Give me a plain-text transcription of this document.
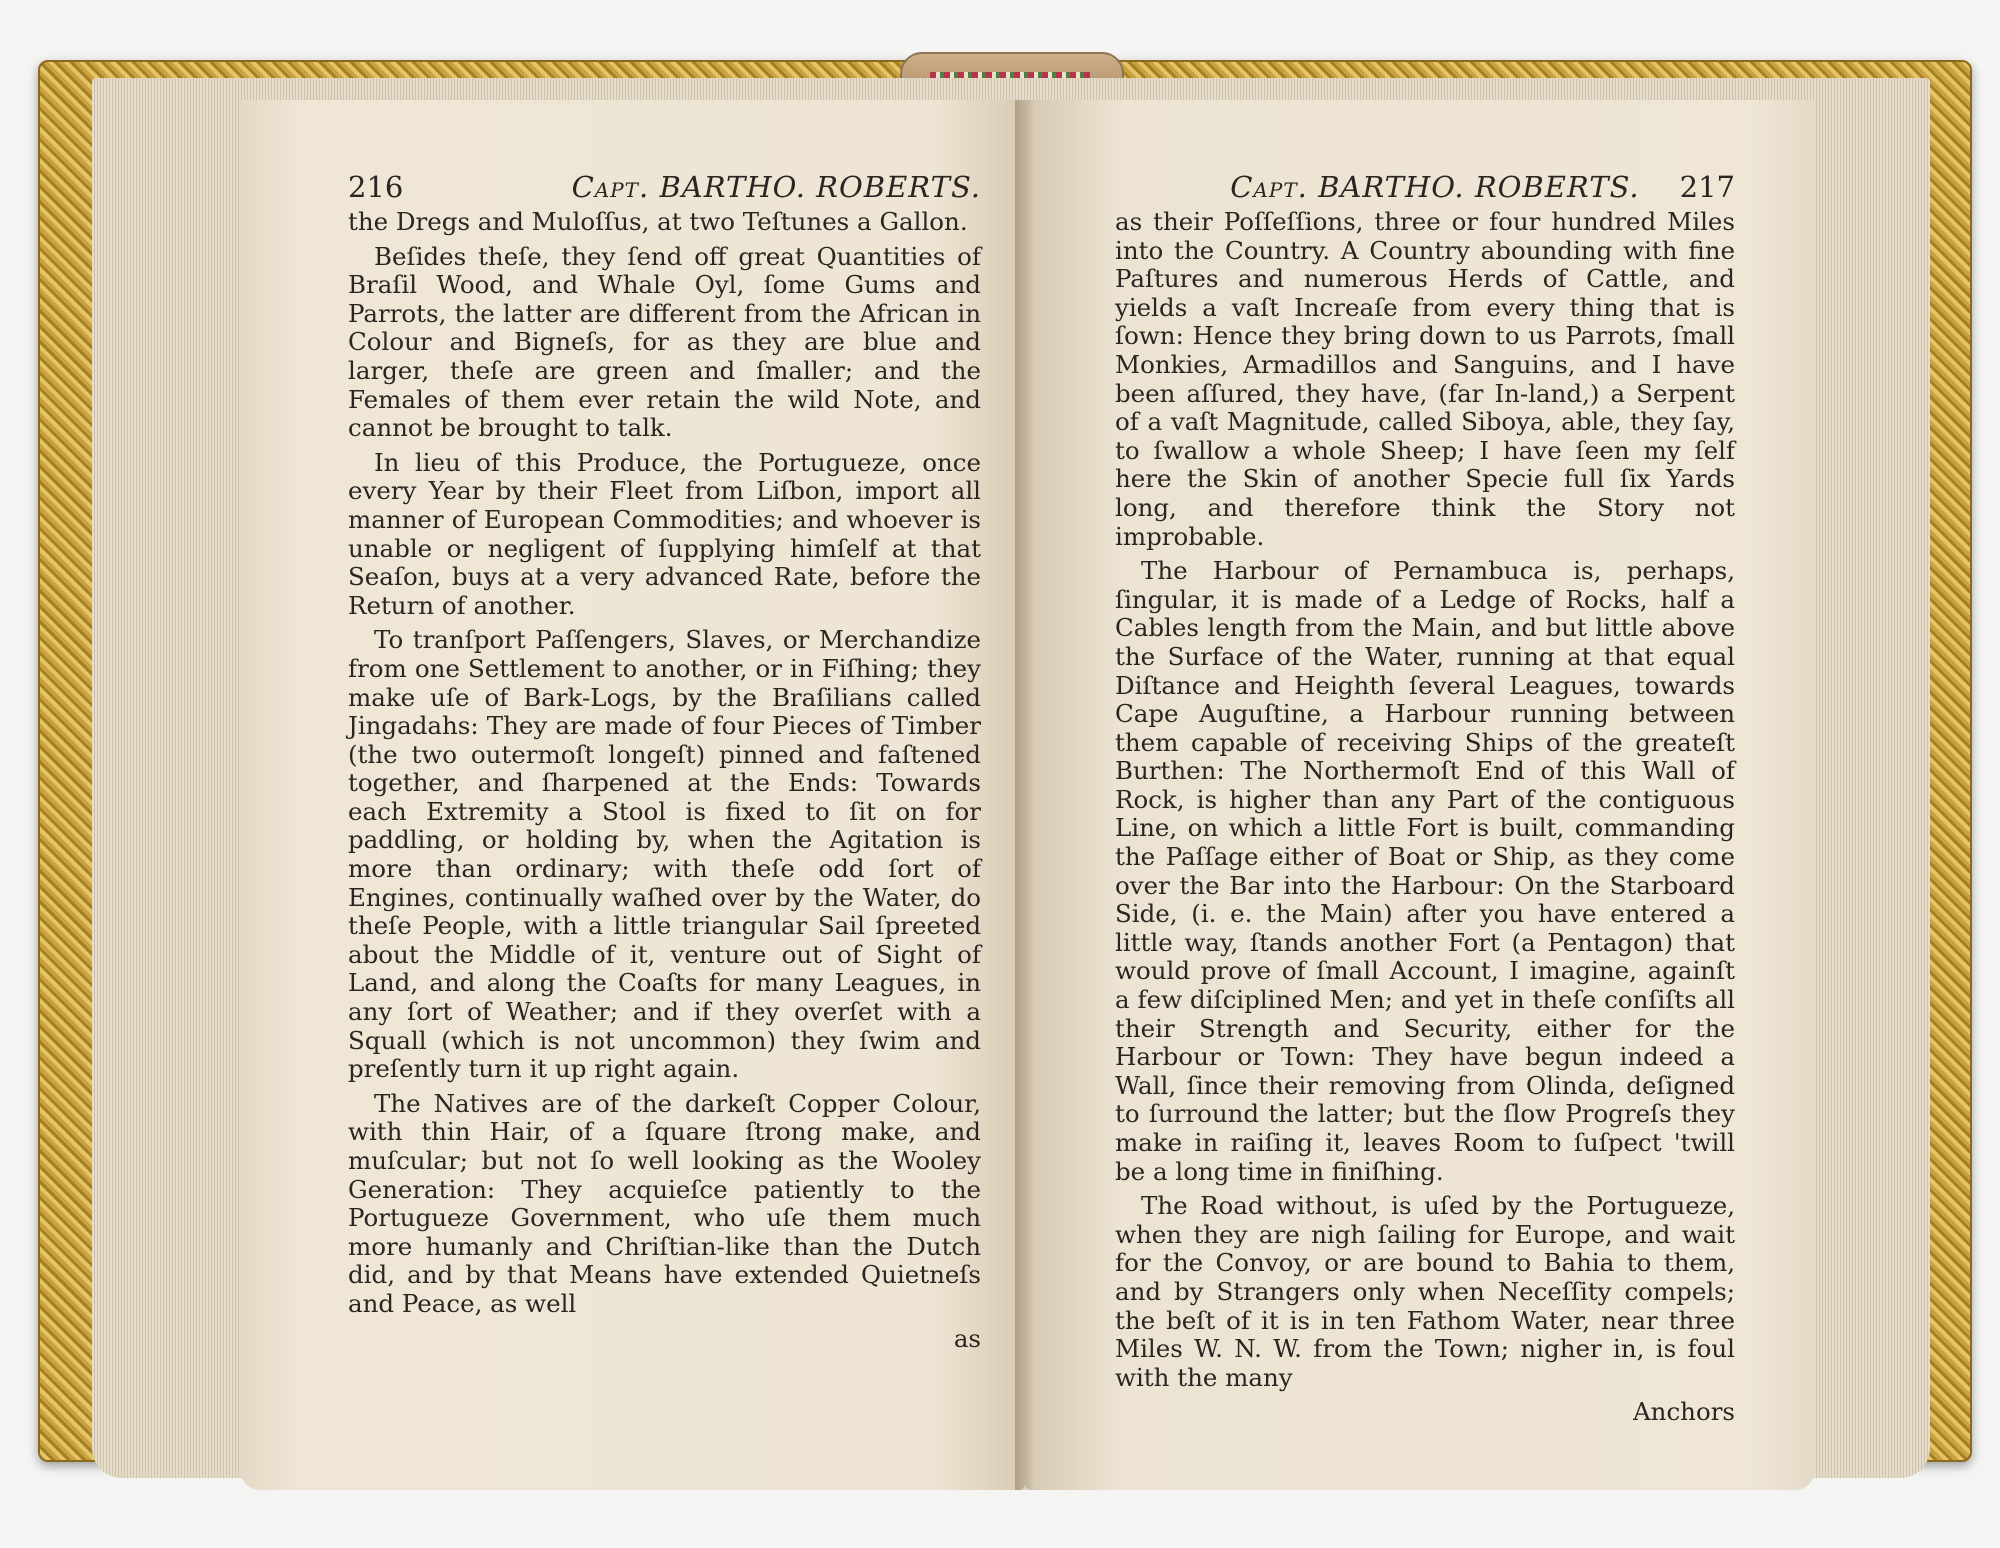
216	Capt. BARTHO. ROBERTS.

the Dregs and Muloſſus, at two Teſtunes a Gallon.

Beſides theſe, they ſend off great Quantities of Braſil Wood, and Whale Oyl, ſome Gums and Parrots, the latter are different from the African in Colour and Bigneſs, for as they are blue and larger, theſe are green and ſmaller; and the Females of them ever retain the wild Note, and cannot be brought to talk.

In lieu of this Produce, the Portugueze, once every Year by their Fleet from Liſbon, import all manner of European Commodities; and whoever is unable or negligent of ſupplying himſelf at that Seaſon, buys at a very advanced Rate, before the Return of another.

To tranſport Paſſengers, Slaves, or Merchandize from one Settlement to another, or in Fiſhing; they make uſe of Bark-Logs, by the Braſilians called Jingadahs: They are made of four Pieces of Timber (the two outermoſt longeſt) pinned and faſtened together, and ſharpened at the Ends: Towards each Extremity a Stool is fixed to ſit on for paddling, or holding by, when the Agitation is more than ordinary; with theſe odd ſort of Engines, continually waſhed over by the Water, do theſe People, with a little triangular Sail ſpreeted about the Middle of it, venture out of Sight of Land, and along the Coaſts for many Leagues, in any ſort of Weather; and if they overſet with a Squall (which is not uncommon) they ſwim and preſently turn it up right again.

The Natives are of the darkeſt Copper Colour, with thin Hair, of a ſquare ſtrong make, and muſcular; but not ſo well looking as the Wooley Generation: They acquieſce patiently to the Portugueze Government, who uſe them much more humanly and Chriſtian-like than the Dutch did, and by that Means have extended Quietneſs and Peace, as well

as
Capt. BARTHO. ROBERTS. 217

as their Poſſeſſions, three or four hundred Miles into the Country. A Country abounding with fine Paſtures and numerous Herds of Cattle, and yields a vaſt Increaſe from every thing that is ſown: Hence they bring down to us Parrots, ſmall Monkies, Armadillos and Sanguins, and I have been aſſured, they have, (far In-land,) a Serpent of a vaſt Magnitude, called Siboya, able, they ſay, to ſwallow a whole Sheep; I have ſeen my ſelf here the Skin of another Specie full ſix Yards long, and therefore think the Story not improbable.

The Harbour of Pernambuca is, perhaps, ſingular, it is made of a Ledge of Rocks, half a Cables length from the Main, and but little above the Surface of the Water, running at that equal Diſtance and Heighth ſeveral Leagues, towards Cape Auguſtine, a Harbour running between them capable of receiving Ships of the greateſt Burthen: The Northermoſt End of this Wall of Rock, is higher than any Part of the contiguous Line, on which a little Fort is built, commanding the Paſſage either of Boat or Ship, as they come over the Bar into the Harbour: On the Starboard Side, (i. e. the Main) after you have entered a little way, ſtands another Fort (a Pentagon) that would prove of ſmall Account, I imagine, againſt a few diſciplined Men; and yet in theſe conſiſts all their Strength and Security, either for the Harbour or Town: They have begun indeed a Wall, ſince their removing from Olinda, deſigned to ſurround the latter; but the ſlow Progreſs they make in raiſing it, leaves Room to ſuſpect 'twill be a long time in finiſhing.

The Road without, is uſed by the Portugueze, when they are nigh ſailing for Europe, and wait for the Convoy, or are bound to Bahia to them, and by Strangers only when Neceſſity compels; the beſt of it is in ten Fathom Water, near three Miles W. N. W. from the Town; nigher in, is foul with the many

Anchors
